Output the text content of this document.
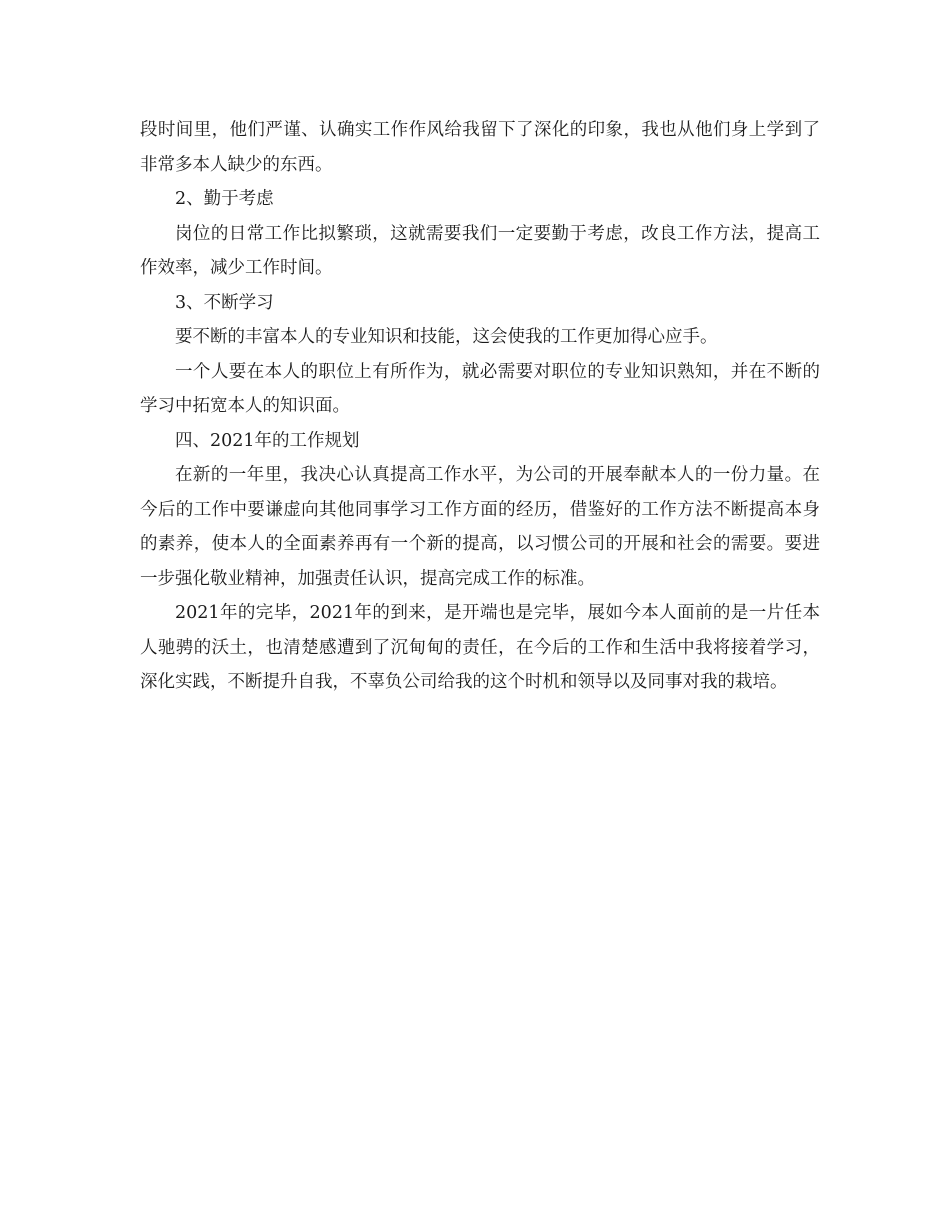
段时间里，他们严谨、认确实工作作风给我留下了深化的印象，我也从他们身上学到了非常多本人缺少的东西。

2、勤于考虑

岗位的日常工作比拟繁琐，这就需要我们一定要勤于考虑，改良工作方法，提高工作效率，减少工作时间。

3、不断学习

要不断的丰富本人的专业知识和技能，这会使我的工作更加得心应手。

一个人要在本人的职位上有所作为，就必需要对职位的专业知识熟知，并在不断的学习中拓宽本人的知识面。

四、2021年的工作规划

在新的一年里，我决心认真提高工作水平，为公司的开展奉献本人的一份力量。在今后的工作中要谦虚向其他同事学习工作方面的经历，借鉴好的工作方法不断提高本身的素养，使本人的全面素养再有一个新的提高，以习惯公司的开展和社会的需要。要进一步强化敬业精神，加强责任认识，提高完成工作的标准。

2021年的完毕，2021年的到来，是开端也是完毕，展如今本人面前的是一片任本人驰骋的沃土，也清楚感遭到了沉甸甸的责任，在今后的工作和生活中我将接着学习，深化实践，不断提升自我，不辜负公司给我的这个时机和领导以及同事对我的栽培。
